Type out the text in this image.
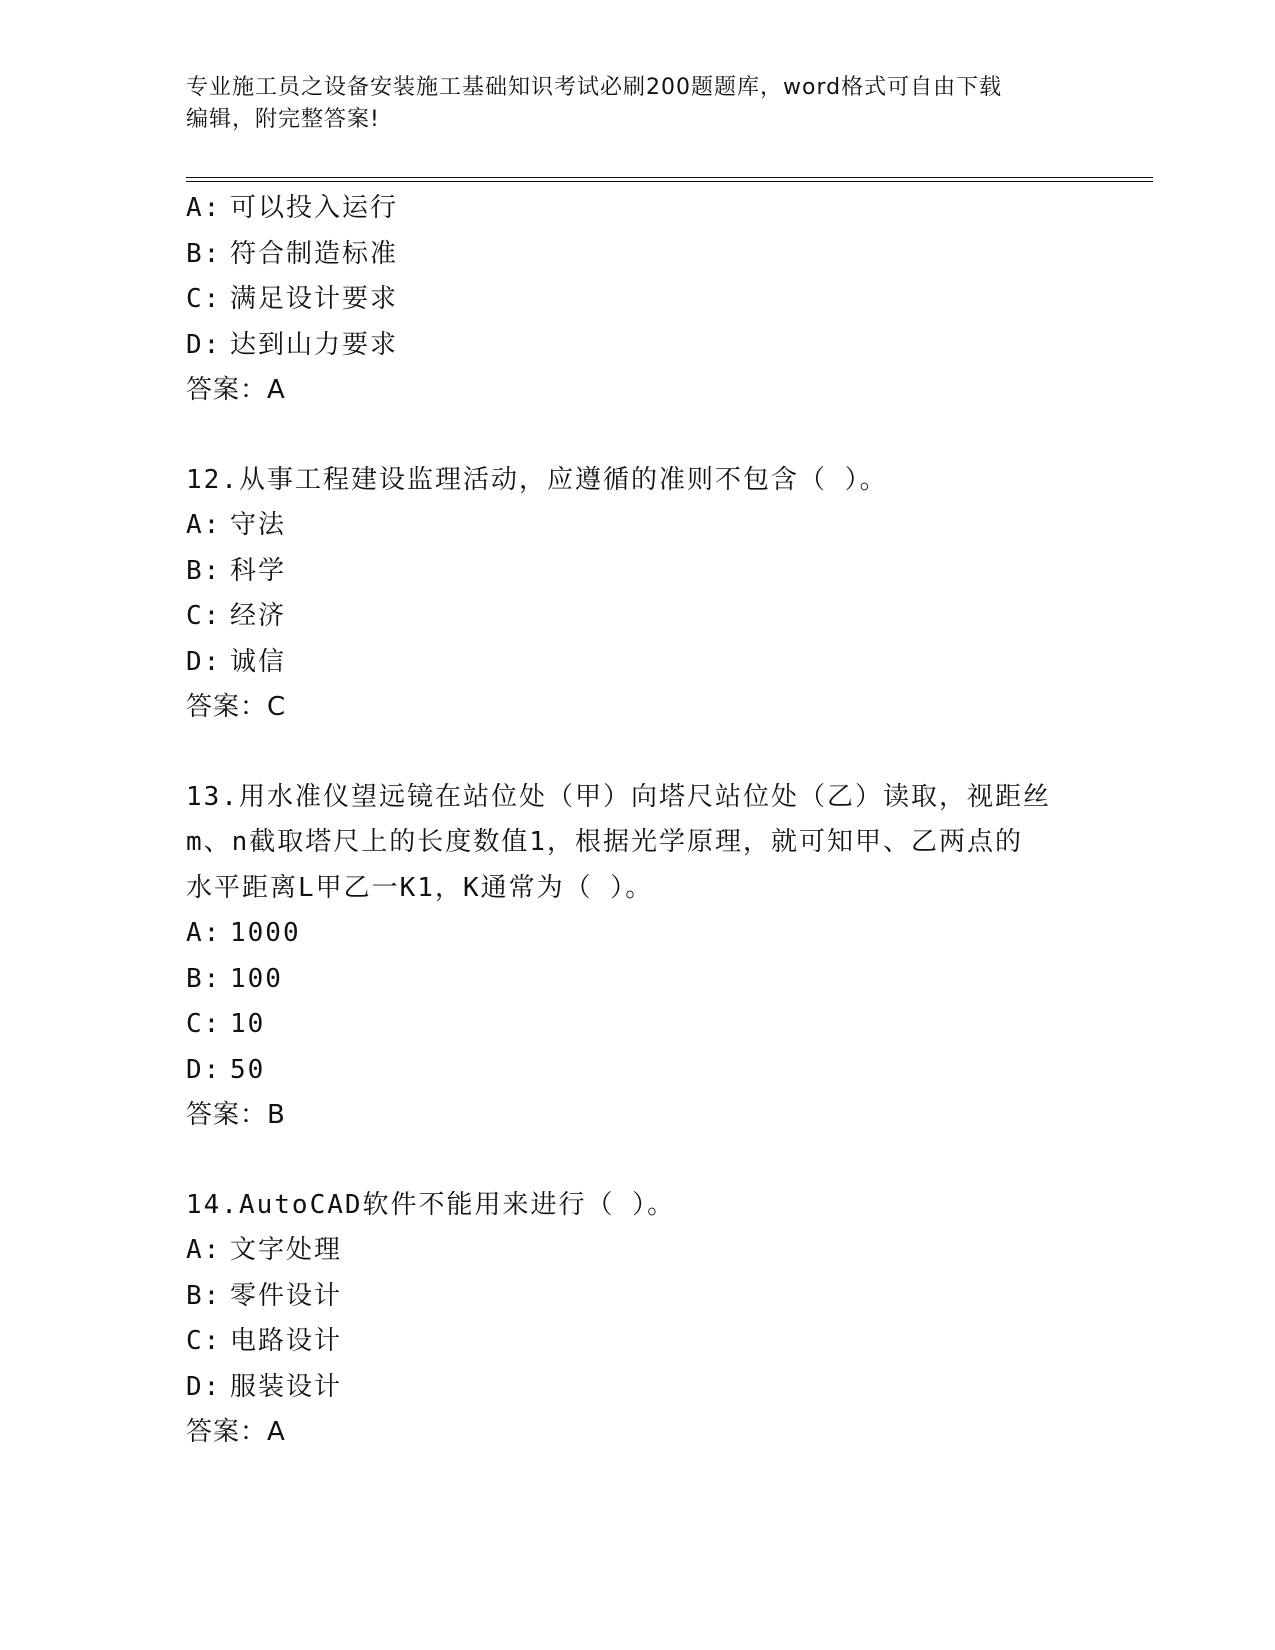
专业施工员之设备安装施工基础知识考试必刷200题题库，word格式可自由下载
编辑，附完整答案!
A: 可以投入运行
B: 符合制造标准
C: 满足设计要求
D: 达到山力要求
答案：A
12.从事工程建设监理活动，应遵循的准则不包含（ ）。
A: 守法
B: 科学
C: 经济
D: 诚信
答案：C
13.用水准仪望远镜在站位处（甲）向塔尺站位处（乙）读取，视距丝
m、n截取塔尺上的长度数值1，根据光学原理，就可知甲、乙两点的
水平距离L甲乙一K1，K通常为（ ）。
A: 1000
B: 100
C: 10
D: 50
答案：B
14.AutoCAD软件不能用来进行（ ）。
A: 文字处理
B: 零件设计
C: 电路设计
D: 服装设计
答案：A
